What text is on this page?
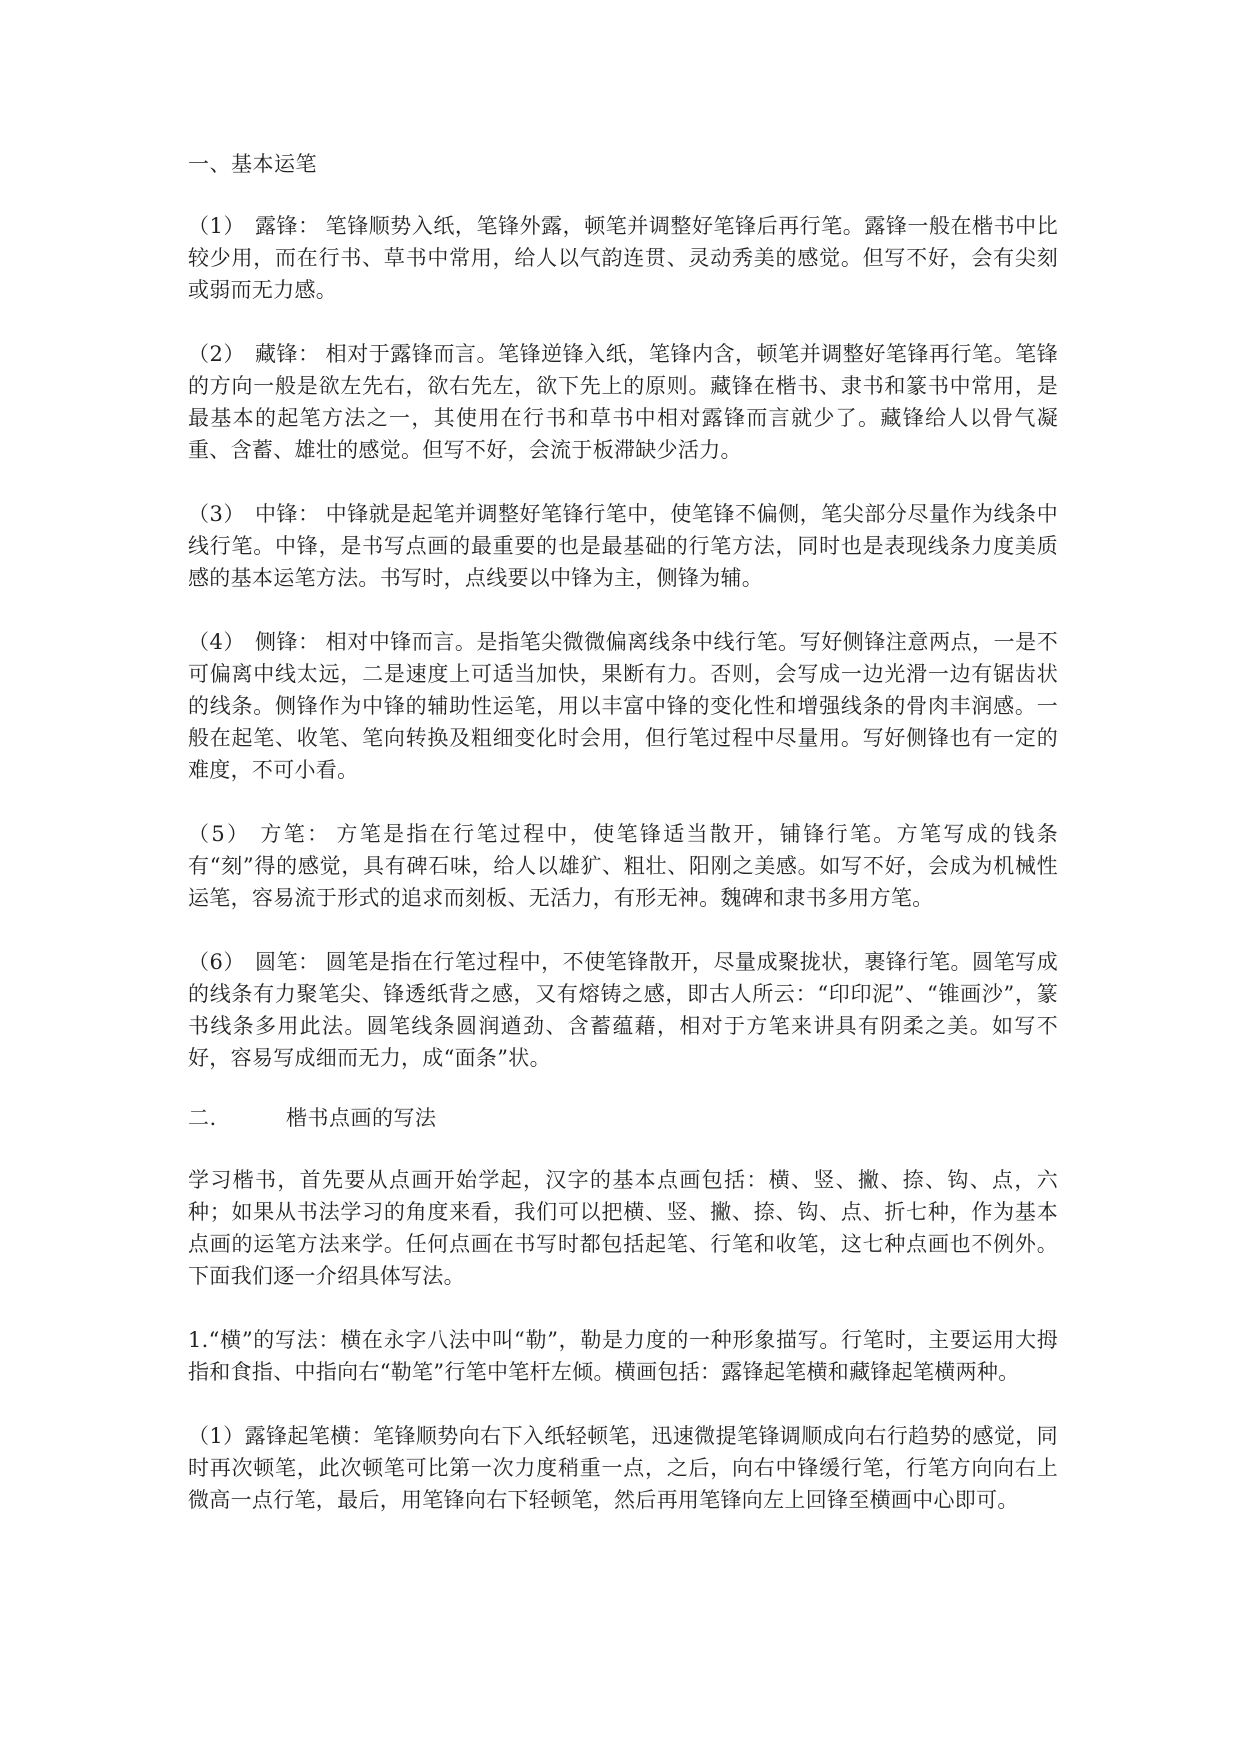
一、基本运笔
（1） 露锋： 笔锋顺势入纸，笔锋外露，顿笔并调整好笔锋后再行笔。露锋一般在楷书中比较少用，而在行书、草书中常用，给人以气韵连贯、灵动秀美的感觉。但写不好，会有尖刻或弱而无力感。
（2） 藏锋： 相对于露锋而言。笔锋逆锋入纸，笔锋内含，顿笔并调整好笔锋再行笔。笔锋的方向一般是欲左先右，欲右先左，欲下先上的原则。藏锋在楷书、隶书和篆书中常用，是最基本的起笔方法之一，其使用在行书和草书中相对露锋而言就少了。藏锋给人以骨气凝重、含蓄、雄壮的感觉。但写不好，会流于板滞缺少活力。
（3） 中锋： 中锋就是起笔并调整好笔锋行笔中，使笔锋不偏侧，笔尖部分尽量作为线条中线行笔。中锋，是书写点画的最重要的也是最基础的行笔方法，同时也是表现线条力度美质感的基本运笔方法。书写时，点线要以中锋为主，侧锋为辅。
（4） 侧锋： 相对中锋而言。是指笔尖微微偏离线条中线行笔。写好侧锋注意两点，一是不可偏离中线太远，二是速度上可适当加快，果断有力。否则，会写成一边光滑一边有锯齿状的线条。侧锋作为中锋的辅助性运笔，用以丰富中锋的变化性和增强线条的骨肉丰润感。一般在起笔、收笔、笔向转换及粗细变化时会用，但行笔过程中尽量用。写好侧锋也有一定的难度，不可小看。
（5） 方笔： 方笔是指在行笔过程中，使笔锋适当散开，铺锋行笔。方笔写成的钱条有“刻”得的感觉，具有碑石味，给人以雄犷、粗壮、阳刚之美感。如写不好，会成为机械性运笔，容易流于形式的追求而刻板、无活力，有形无神。魏碑和隶书多用方笔。
（6） 圆笔： 圆笔是指在行笔过程中，不使笔锋散开，尽量成聚拢状，裹锋行笔。圆笔写成的线条有力聚笔尖、锋透纸背之感，又有熔铸之感，即古人所云：“印印泥”、“锥画沙”，篆书线条多用此法。圆笔线条圆润遒劲、含蓄蕴藉，相对于方笔来讲具有阴柔之美。如写不好，容易写成细而无力，成“面条”状。
二.	楷书点画的写法
学习楷书，首先要从点画开始学起，汉字的基本点画包括：横、竖、撇、捺、钩、点，六种；如果从书法学习的角度来看，我们可以把横、竖、撇、捺、钩、点、折七种，作为基本点画的运笔方法来学。任何点画在书写时都包括起笔、行笔和收笔，这七种点画也不例外。下面我们逐一介绍具体写法。
1.“横”的写法：横在永字八法中叫“勒”，勒是力度的一种形象描写。行笔时，主要运用大拇指和食指、中指向右“勒笔”行笔中笔杆左倾。横画包括：露锋起笔横和藏锋起笔横两种。
（1）露锋起笔横：笔锋顺势向右下入纸轻顿笔，迅速微提笔锋调顺成向右行趋势的感觉，同时再次顿笔，此次顿笔可比第一次力度稍重一点，之后，向右中锋缓行笔，行笔方向向右上微高一点行笔，最后，用笔锋向右下轻顿笔，然后再用笔锋向左上回锋至横画中心即可。
